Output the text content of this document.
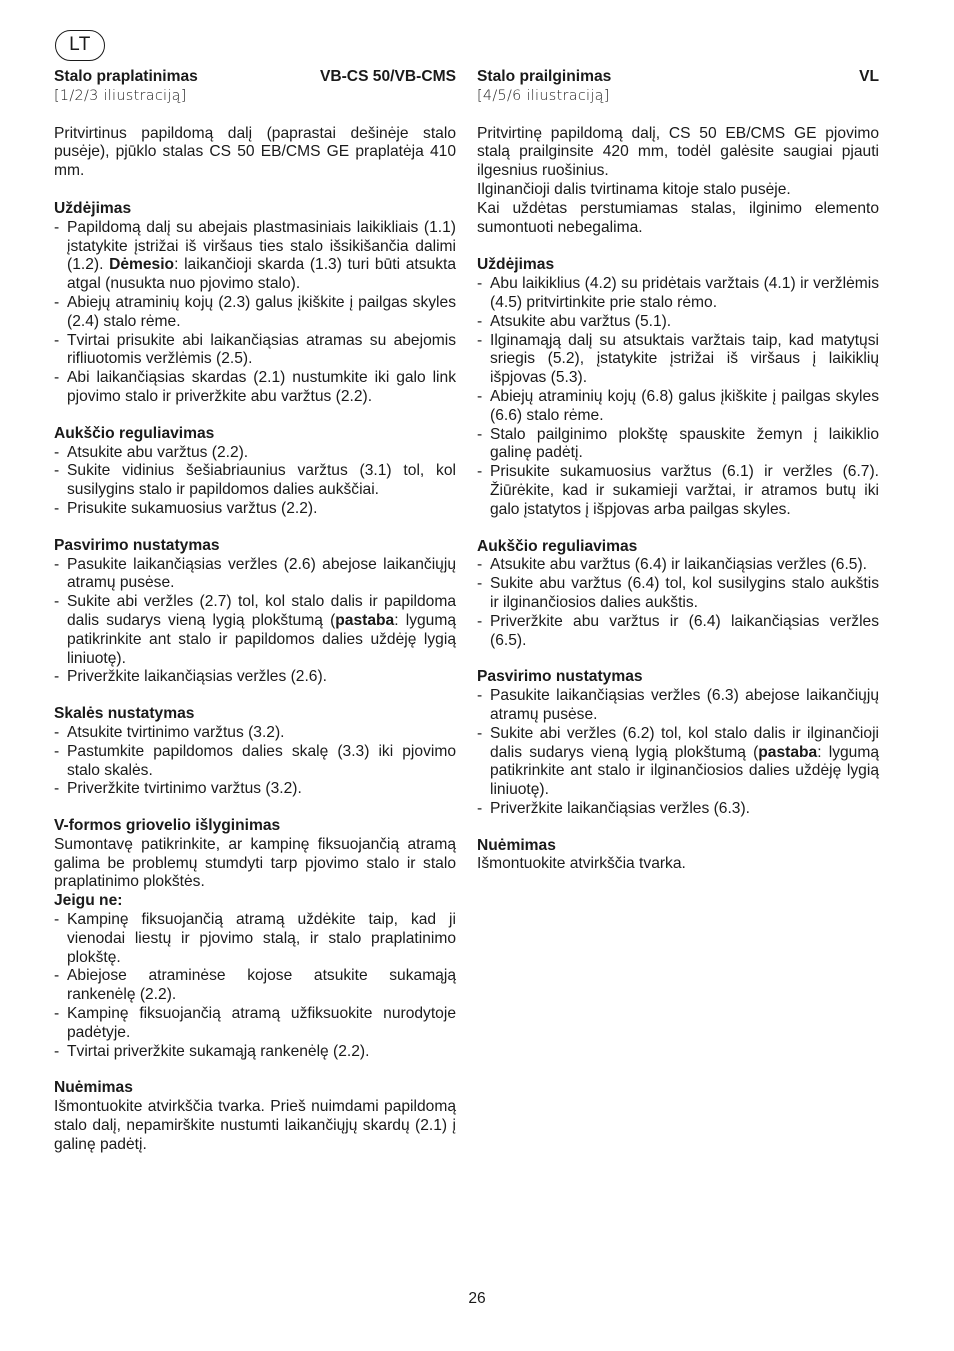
LT
Stalo praplatinimas	VB-CS 50/VB-CMS

[1/2/3 iliustraciją]

Pritvirtinus papildomą dalį (paprastai dešinėje stalo pusėje), pjūklo stalas CS 50 EB/CMS GE praplatėja 410 mm.

Uždėjimas
- Papildomą dalį su abejais plastmasiniais laikikliais (1.1) įstatykite įstrižai iš viršaus ties stalo išsikišančia dalimi (1.2). Dėmesio: laikančioji skarda (1.3) turi būti atsukta atgal (nusukta nuo pjovimo stalo).
- Abiejų atraminių kojų (2.3) galus įkiškite į pailgas skyles (2.4) stalo rėme.
- Tvirtai prisukite abi laikančiąsias atramas su abejomis rifliuotomis veržlėmis (2.5).
- Abi laikančiąsias skardas (2.1) nustumkite iki galo link pjovimo stalo ir priveržkite abu varžtus (2.2).
Aukščio reguliavimas
- Atsukite abu varžtus (2.2).
- Sukite vidinius šešiabriaunius varžtus (3.1) tol, kol susilygins stalo ir papildomos dalies aukščiai.
- Prisukite sukamuosius varžtus (2.2).
Pasvirimo nustatymas
- Pasukite laikančiąsias veržles (2.6) abejose laikančiųjų atramų pusėse.
- Sukite abi veržles (2.7) tol, kol stalo dalis ir papildoma dalis sudarys vieną lygią plokštumą (pastaba: lygumą patikrinkite ant stalo ir papildomos dalies uždėję lygią liniuotę).
- Priveržkite laikančiąsias veržles (2.6).
Skalės nustatymas
- Atsukite tvirtinimo varžtus (3.2).
- Pastumkite papildomos dalies skalę (3.3) iki pjovimo stalo skalės.
- Priveržkite tvirtinimo varžtus (3.2).
V-formos griovelio išlyginimas

Sumontavę patikrinkite, ar kampinę fiksuojančią atramą galima be problemų stumdyti tarp pjovimo stalo ir stalo praplatinimo plokštės.

Jeigu ne:
- Kampinę fiksuojančią atramą uždėkite taip, kad ji vienodai liestų ir pjovimo stalą, ir stalo praplatinimo plokštę.
- Abiejose atraminėse kojose atsukite sukamąją rankenėlę (2.2).
- Kampinę fiksuojančią atramą užfiksuokite nurodytoje padėtyje.
- Tvirtai priveržkite sukamąją rankenėlę (2.2).
Nuėmimas

Išmontuokite atvirkščia tvarka. Prieš nuimdami papildomą stalo dalį, nepamirškite nustumti laikančiųjų skardų (2.1) į galinę padėtį.

Stalo prailginimas	VL

[4/5/6 iliustraciją]

Pritvirtinę papildomą dalį, CS 50 EB/CMS GE pjovimo stalą prailginsite 420 mm, todėl galėsite saugiai pjauti ilgesnius ruošinius.

Ilginančioji dalis tvirtinama kitoje stalo pusėje.

Kai uždėtas perstumiamas stalas, ilginimo elemento sumontuoti nebegalima.

Uždėjimas
- Abu laikiklius (4.2) su pridėtais varžtais (4.1) ir veržlėmis (4.5) pritvirtinkite prie stalo rėmo.
- Atsukite abu varžtus (5.1).
- Ilginamąją dalį su atsuktais varžtais taip, kad matytųsi sriegis (5.2), įstatykite įstrižai iš viršaus į laikiklių išpjovas (5.3).
- Abiejų atraminių kojų (6.8) galus įkiškite į pailgas skyles (6.6) stalo rėme.
- Stalo pailginimo plokštę spauskite žemyn į laikiklio galinę padėtį.
- Prisukite sukamuosius varžtus (6.1) ir veržles (6.7). Žiūrėkite, kad ir sukamieji varžtai, ir atramos butų iki galo įstatytos į išpjovas arba pailgas skyles.
Aukščio reguliavimas
- Atsukite abu varžtus (6.4) ir laikančiąsias veržles (6.5).
- Sukite abu varžtus (6.4) tol, kol susilygins stalo aukštis ir ilginančiosios dalies aukštis.
- Priveržkite abu varžtus ir (6.4) laikančiąsias veržles (6.5).
Pasvirimo nustatymas
- Pasukite laikančiąsias veržles (6.3) abejose laikančiųjų atramų pusėse.
- Sukite abi veržles (6.2) tol, kol stalo dalis ir ilginančioji dalis sudarys vieną lygią plokštumą (pastaba: lygumą patikrinkite ant stalo ir ilginančiosios dalies uždėję lygią liniuotę).
- Priveržkite laikančiąsias veržles (6.3).
Nuėmimas

Išmontuokite atvirkščia tvarka.

26
